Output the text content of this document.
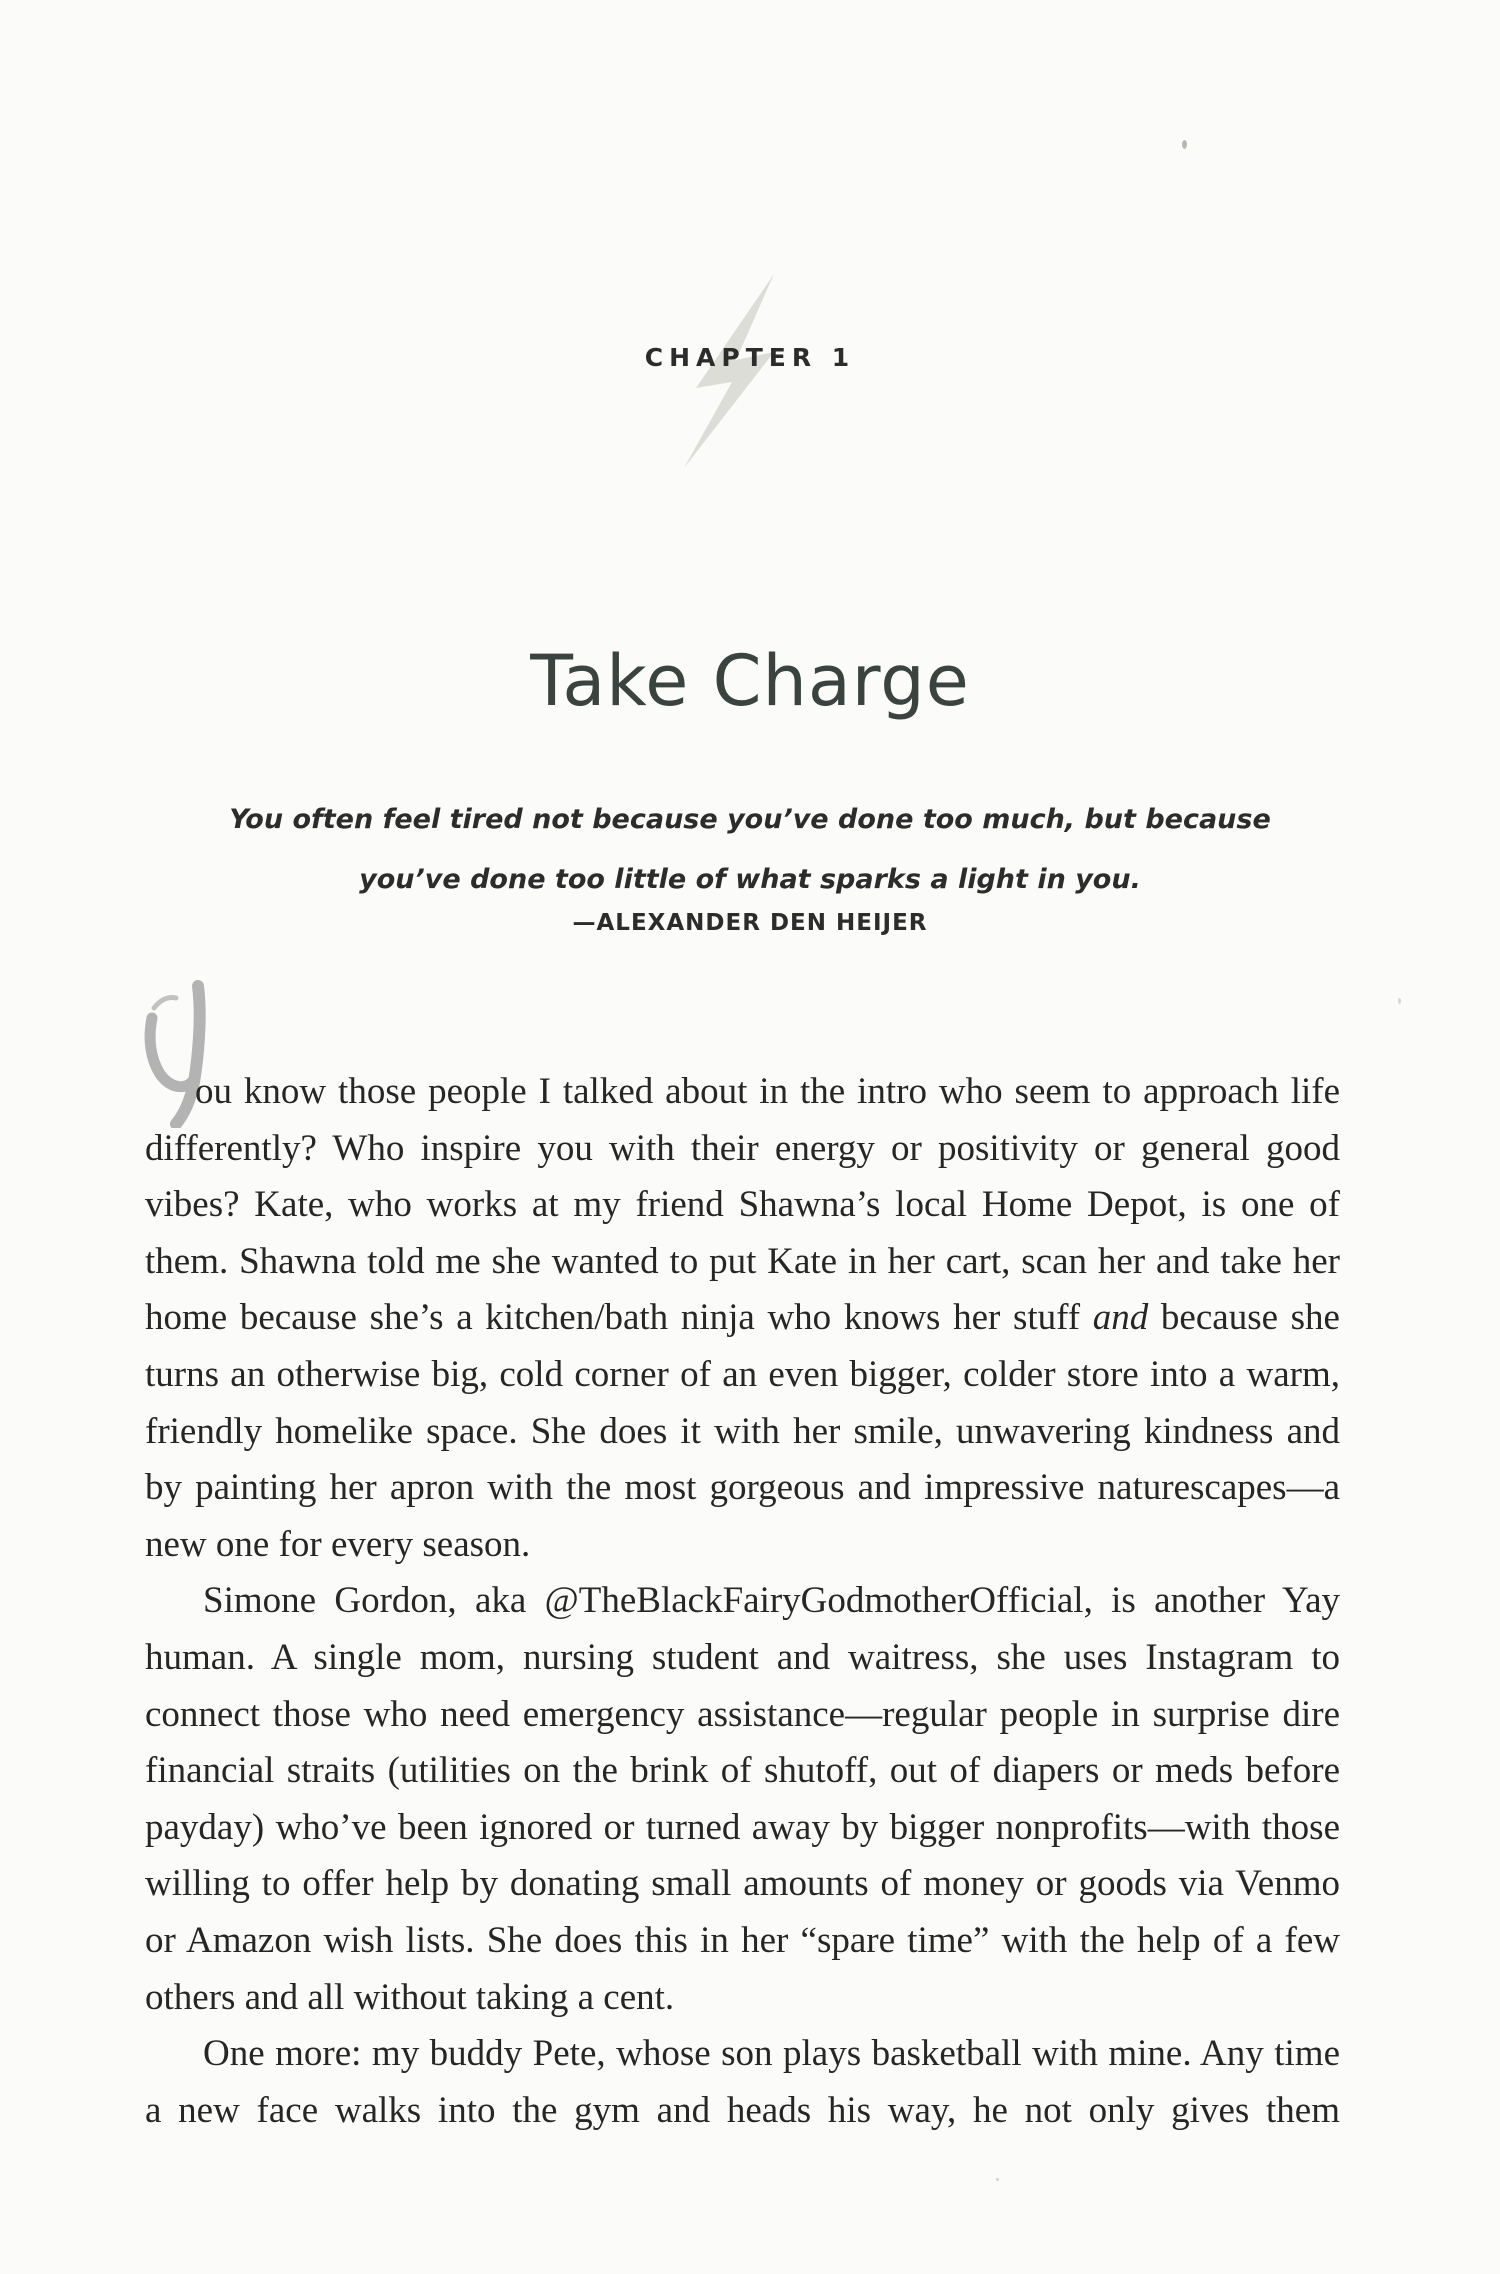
CHAPTER 1
Take Charge
You often feel tired not because you’ve done too much, but because
you’ve done too little of what sparks a light in you.
—ALEXANDER DEN HEIJER

ou know those people I talked about in the intro who seem to approach life differently? Who inspire you with their energy or positivity or general good vibes? Kate, who works at my friend Shawna’s local Home Depot, is one of them. Shawna told me she wanted to put Kate in her cart, scan her and take her home because she’s a kitchen/bath ninja who knows her stuff and because she turns an otherwise big, cold corner of an even bigger, colder store into a warm, friendly homelike space. She does it with her smile, unwavering kindness and by painting her apron with the most gorgeous and impressive naturescapes—a new one for every season.

Simone Gordon, aka @TheBlackFairyGodmotherOfficial, is another Yay human. A single mom, nursing student and waitress, she uses Instagram to connect those who need emergency assistance—regular people in surprise dire financial straits (utilities on the brink of shutoff, out of diapers or meds before payday) who’ve been ignored or turned away by bigger nonprofits—with those willing to offer help by donating small amounts of money or goods via Venmo or Amazon wish lists. She does this in her “spare time” with the help of a few others and all without taking a cent.

One more: my buddy Pete, whose son plays basketball with mine. Any time a new face walks into the gym and heads his way, he not only gives them
